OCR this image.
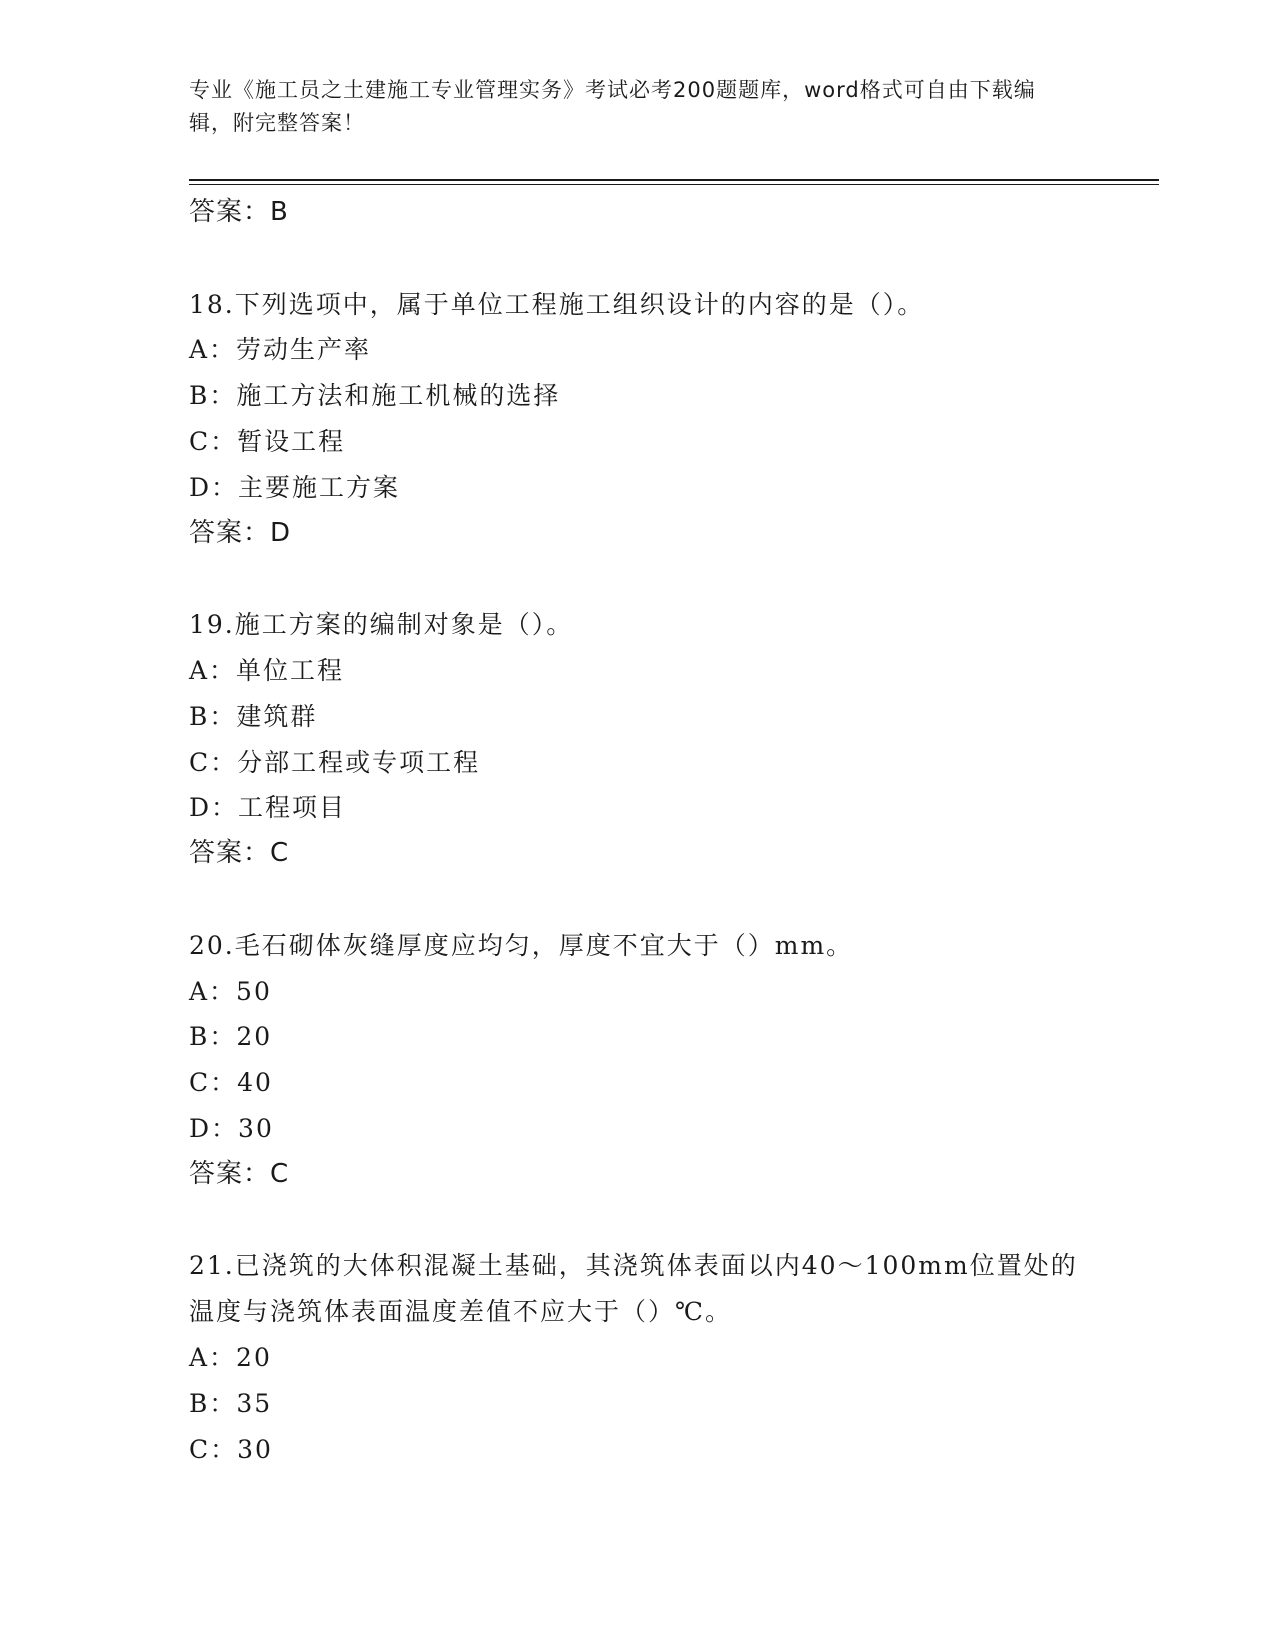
专业《施工员之土建施工专业管理实务》考试必考200题题库，word格式可自由下载编辑，附完整答案！
答案：B
18.下列选项中，属于单位工程施工组织设计的内容的是（）。
A：劳动生产率
B：施工方法和施工机械的选择
C：暂设工程
D：主要施工方案
答案：D
19.施工方案的编制对象是（）。
A：单位工程
B：建筑群
C：分部工程或专项工程
D：工程项目
答案：C
20.毛石砌体灰缝厚度应均匀，厚度不宜大于（）mm。
A：50
B：20
C：40
D：30
答案：C
21.已浇筑的大体积混凝土基础，其浇筑体表面以内40～100mm位置处的温度与浇筑体表面温度差值不应大于（）℃。
A：20
B：35
C：30
